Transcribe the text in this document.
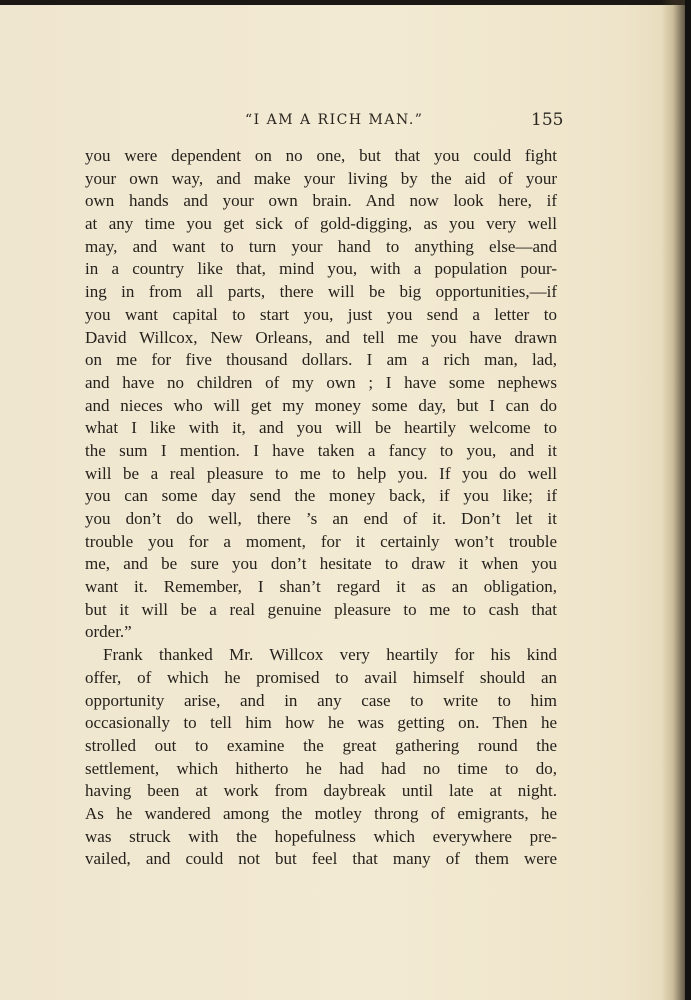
“I AM A RICH MAN.”	155
you were dependent on no one, but that you could fight
your own way, and make your living by the aid of your
own hands and your own brain. And now look here, if
at any time you get sick of gold-digging, as you very well
may, and want to turn your hand to anything else—and
in a country like that, mind you, with a population pour-
ing in from all parts, there will be big opportunities,—if
you want capital to start you, just you send a letter to
David Willcox, New Orleans, and tell me you have drawn
on me for five thousand dollars. I am a rich man, lad,
and have no children of my own ; I have some nephews
and nieces who will get my money some day, but I can do
what I like with it, and you will be heartily welcome to
the sum I mention. I have taken a fancy to you, and it
will be a real pleasure to me to help you. If you do well
you can some day send the money back, if you like; if
you don’t do well, there ’s an end of it. Don’t let it
trouble you for a moment, for it certainly won’t trouble
me, and be sure you don’t hesitate to draw it when you
want it. Remember, I shan’t regard it as an obligation,
but it will be a real genuine pleasure to me to cash that
order.”
Frank thanked Mr. Willcox very heartily for his kind
offer, of which he promised to avail himself should an
opportunity arise, and in any case to write to him
occasionally to tell him how he was getting on. Then he
strolled out to examine the great gathering round the
settlement, which hitherto he had had no time to do,
having been at work from daybreak until late at night.
As he wandered among the motley throng of emigrants, he
was struck with the hopefulness which everywhere pre-
vailed, and could not but feel that many of them were
